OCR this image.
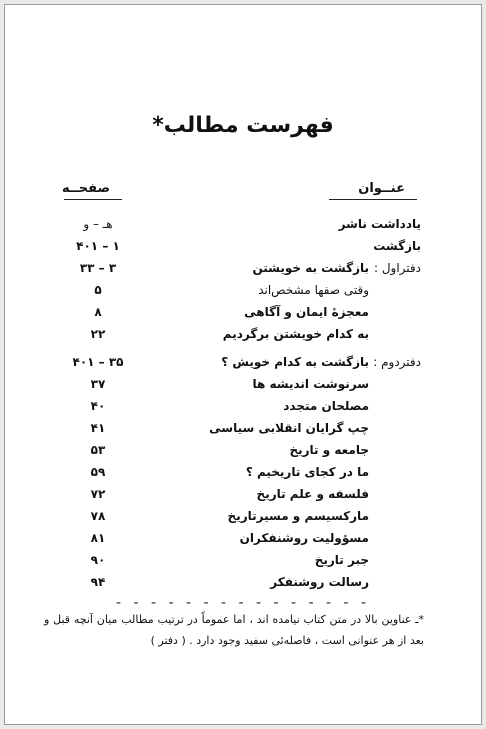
فهرست مطالب*
عنــوان
صفحــه
یادداشت ناشر
هـ – و
بازگشت
۱ – ۴۰۱
دفتراول :
بازگشت به خویشتن
۳ – ۳۳
وقتی صفها مشخص‌اند
۵
معجزهٔ ایمان و آگاهی
۸
به کدام خویشتن برگردیم
۲۲
دفتردوم :
بازگشت به کدام خویش ؟
۳۵ – ۴۰۱
سرنوشت اندیشه ها
۳۷
مصلحان متجدد
۴۰
چپ گرایان انقلابی سیاسی
۴۱
جامعه و تاریخ
۵۳
ما در کجای تاریخیم ؟
۵۹
فلسفه و علم تاریخ
۷۲
مارکسیسم و مسیرتاریخ
۷۸
مسؤولیت روشنفکران
۸۱
جبر تاریخ
۹۰
رسالت روشنفکر
۹۴
- - - - - - - - - - - - - - -
*ـ عناوین بالا در متن کتاب نیامده اند ، اما عموماً در ترتیب مطالب میان آنچه قبل و بعد از هر عنوانی است ، فاصله‌ئی سفید وجود دارد . ( دفتر )
